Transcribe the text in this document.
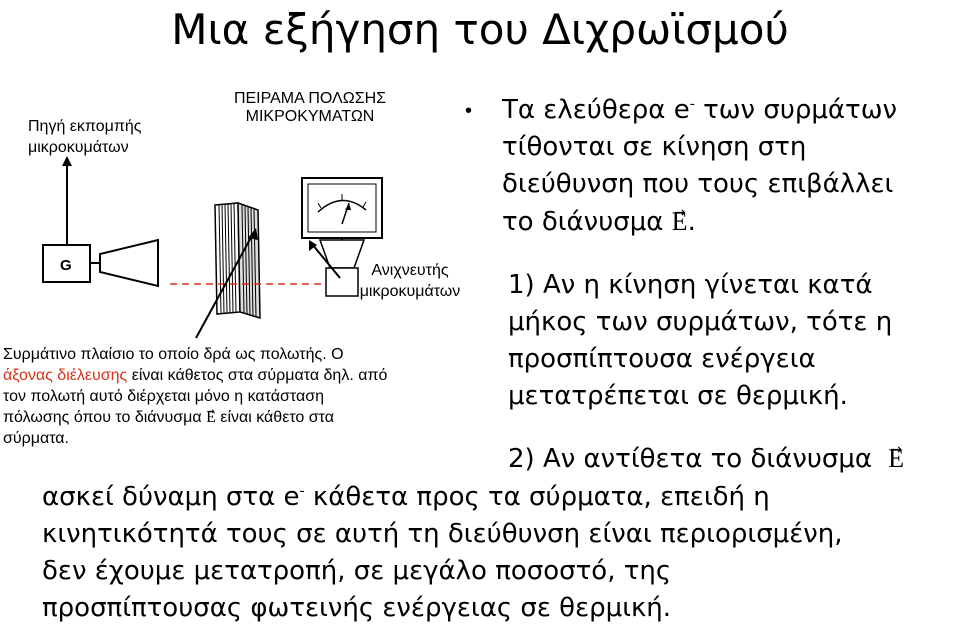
Μια εξήγηση του Διχρωϊσμού
Πηγή εκπομπής μικροκυμάτων
ΠΕΙΡΑΜΑ ΠΟΛΩΣΗΣ ΜΙΚΡΟΚΥΜΑΤΩΝ
Ανιχνευτής μικροκυμάτων
G
Συρμάτινο πλαίσιο το οποίο δρά ως πολωτής. Ο
άξονας διέλευσης είναι κάθετος στα σύρματα δηλ. από
τον πολωτή αυτό διέρχεται μόνο η κατάσταση
πόλωσης όπου το διάνυσμα → E είναι κάθετο στα
σύρματα.
• Τα ελεύθερα e- των συρμάτων
τίθονται σε κίνηση στη
διεύθυνση που τους επιβάλλει
το διάνυσμα → E.
1) Αν η κίνηση γίνεται κατά
μήκος των συρμάτων, τότε η
προσπίπτουσα ενέργεια
μετατρέπεται σε θερμική.
2) Αν αντίθετα το διάνυσμα→ E
ασκεί δύναμη στα e- κάθετα προς τα σύρματα, επειδή η
κινητικότητά τους σε αυτή τη διεύθυνση είναι περιορισμένη,
δεν έχουμε μετατροπή, σε μεγάλο ποσοστό, της
προσπίπτουσας φωτεινής ενέργειας σε θερμική.
